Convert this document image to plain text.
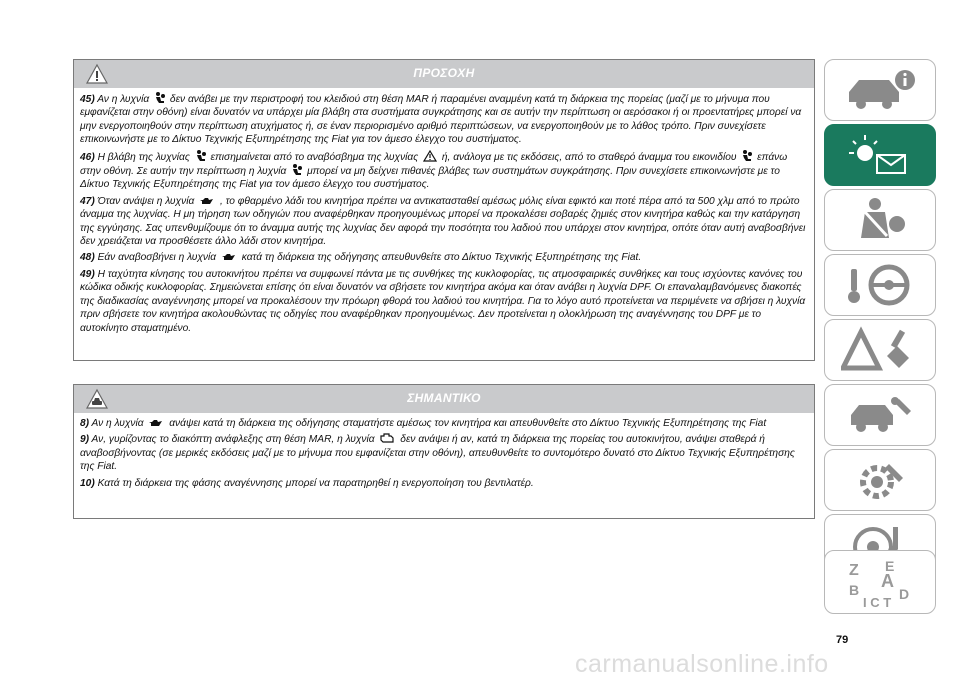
ΠΡΟΣΟΧΗ

45) Αν η λυχνία δεν ανάβει με την περιστροφή του κλειδιού στη θέση MAR ή παραμένει αναμμένη κατά τη διάρκεια της πορείας (μαζί με το μήνυμα που εμφανίζεται στην οθόνη) είναι δυνατόν να υπάρχει μία βλάβη στα συστήματα συγκράτησης και σε αυτήν την περίπτωση οι αερόσακοι ή οι προεντατήρες μπορεί να μην ενεργοποιηθούν στην περίπτωση ατυχήματος ή, σε έναν περιορισμένο αριθμό περιπτώσεων, να ενεργοποιηθούν με το λάθος τρόπο. Πριν συνεχίσετε επικοινωνήστε με το Δίκτυο Τεχνικής Εξυπηρέτησης της Fiat για τον άμεσο έλεγχο του συστήματος.

46) Η βλάβη της λυχνίας επισημαίνεται από το αναβόσβημα της λυχνίας ή, ανάλογα με τις εκδόσεις, από το σταθερό άναμμα του εικονιδίου επάνω στην οθόνη. Σε αυτήν την περίπτωση η λυχνία μπορεί να μη δείχνει πιθανές βλάβες των συστημάτων συγκράτησης. Πριν συνεχίσετε επικοινωνήστε με το Δίκτυο Τεχνικής Εξυπηρέτησης της Fiat για τον άμεσο έλεγχο του συστήματος.

47) Όταν ανάψει η λυχνία	, το φθαρμένο λάδι του κινητήρα πρέπει να αντικατασταθεί αμέσως μόλις είναι εφικτό και ποτέ πέρα από τα 500 χλμ από το πρώτο άναμμα της λυχνίας. Η μη τήρηση των οδηγιών που αναφέρθηκαν προηγουμένως μπορεί να προκαλέσει σοβαρές ζημιές στον κινητήρα καθώς και την κατάργηση της εγγύησης. Σας υπενθυμίζουμε ότι το άναμμα αυτής της λυχνίας δεν αφορά την ποσότητα του λαδιού που υπάρχει στον κινητήρα, οπότε όταν αυτή αναβοσβήνει δεν χρειάζεται να προσθέσετε άλλο λάδι στον κινητήρα.

48) Εάν αναβοσβήνει η λυχνία	κατά τη διάρκεια της οδήγησης απευθυνθείτε στο Δίκτυο Τεχνικής Εξυπηρέτησης της Fiat.

49) Η ταχύτητα κίνησης του αυτοκινήτου πρέπει να συμφωνεί πάντα με τις συνθήκες της κυκλοφορίας, τις ατμοσφαιρικές συνθήκες και τους ισχύοντες κανόνες του κώδικα οδικής κυκλοφορίας. Σημειώνεται επίσης ότι είναι δυνατόν να σβήσετε τον κινητήρα ακόμα και όταν ανάβει η λυχνία DPF. Οι επαναλαμβανόμενες διακοπές της διαδικασίας αναγέννησης μπορεί να προκαλέσουν την πρόωρη φθορά του λαδιού του κινητήρα. Για το λόγο αυτό προτείνεται να περιμένετε να σβήσει η λυχνία πριν σβήσετε τον κινητήρα ακολουθώντας τις οδηγίες που αναφέρθηκαν προηγουμένως. Δεν προτείνεται η ολοκλήρωση της αναγέννησης του DPF με το αυτοκίνητο σταματημένο.

ΣΗΜΑΝΤΙΚΟ

8) Αν η λυχνία	ανάψει κατά τη διάρκεια της οδήγησης σταματήστε αμέσως τον κινητήρα και απευθυνθείτε στο Δίκτυο Τεχνικής Εξυπηρέτησης της Fiat

9) Αν, γυρίζοντας το διακόπτη ανάφλεξης στη θέση MAR, η λυχνία	δεν ανάψει ή αν, κατά τη διάρκεια της πορείας του αυτοκινήτου, ανάψει σταθερά ή αναβοσβήνοντας (σε μερικές εκδόσεις μαζί με το μήνυμα που εμφανίζεται στην οθόνη), απευθυνθείτε το συντομότερο δυνατό στο Δίκτυο Τεχνικής Εξυπηρέτησης της Fiat.

10) Κατά τη διάρκεια της φάσης αναγέννησης μπορεί να παρατηρηθεί η ενεργοποίηση του βεντιλατέρ.

Z E
A
B	D
I C T
79
carmanualsonline.info
